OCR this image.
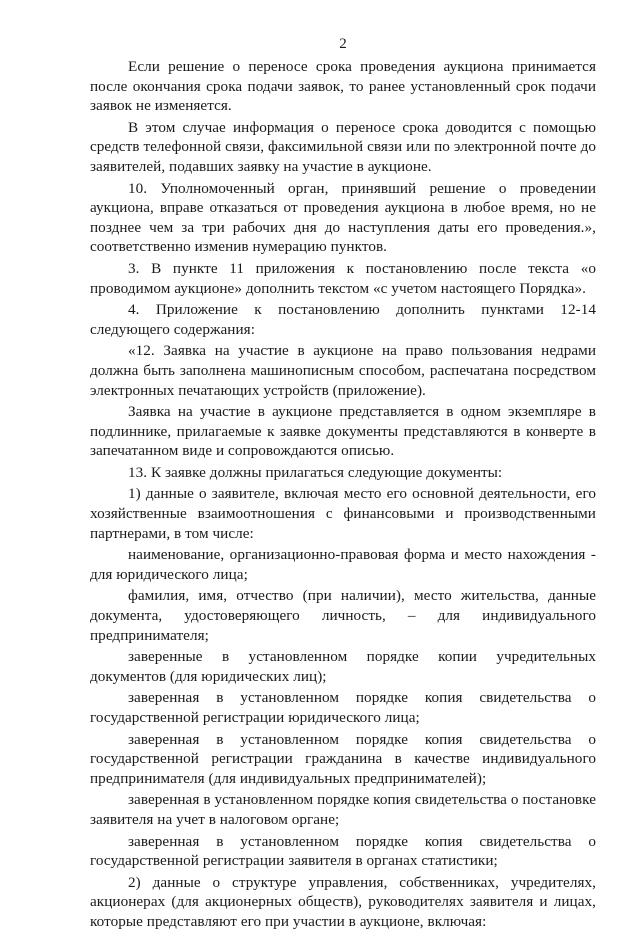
2

Если решение о переносе срока проведения аукциона принимается после окончания срока подачи заявок, то ранее установленный срок подачи заявок не изменяется.

В этом случае информация о переносе срока доводится с помощью средств телефонной связи, факсимильной связи или по электронной почте до заявителей, подавших заявку на участие в аукционе.

10. Уполномоченный орган, принявший решение о проведении аукциона, вправе отказаться от проведения аукциона в любое время, но не позднее чем за три рабочих дня до наступления даты его проведения.», соответственно изменив нумерацию пунктов.

3. В пункте 11 приложения к постановлению после текста «о проводимом аукционе» дополнить текстом «с учетом настоящего Порядка».

4. Приложение к постановлению дополнить пунктами 12-14 следующего содержания:

«12. Заявка на участие в аукционе на право пользования недрами должна быть заполнена машинописным способом, распечатана посредством электронных печатающих устройств (приложение).

Заявка на участие в аукционе представляется в одном экземпляре в подлиннике, прилагаемые к заявке документы представляются в конверте в запечатанном виде и сопровождаются описью.

13. К заявке должны прилагаться следующие документы:

1) данные о заявителе, включая место его основной деятельности, его хозяйственные взаимоотношения с финансовыми и производственными партнерами, в том числе:

наименование, организационно-правовая форма и место нахождения - для юридического лица;

фамилия, имя, отчество (при наличии), место жительства, данные документа, удостоверяющего личность, – для индивидуального предпринимателя;

заверенные в установленном порядке копии учредительных документов (для юридических лиц);

заверенная в установленном порядке копия свидетельства о государственной регистрации юридического лица;

заверенная в установленном порядке копия свидетельства о государственной регистрации гражданина в качестве индивидуального предпринимателя (для индивидуальных предпринимателей);

заверенная в установленном порядке копия свидетельства о постановке заявителя на учет в налоговом органе;

заверенная в установленном порядке копия свидетельства о государственной регистрации заявителя в органах статистики;

2) данные о структуре управления, собственниках, учредителях, акционерах (для акционерных обществ), руководителях заявителя и лицах, которые представляют его при участии в аукционе, включая:
